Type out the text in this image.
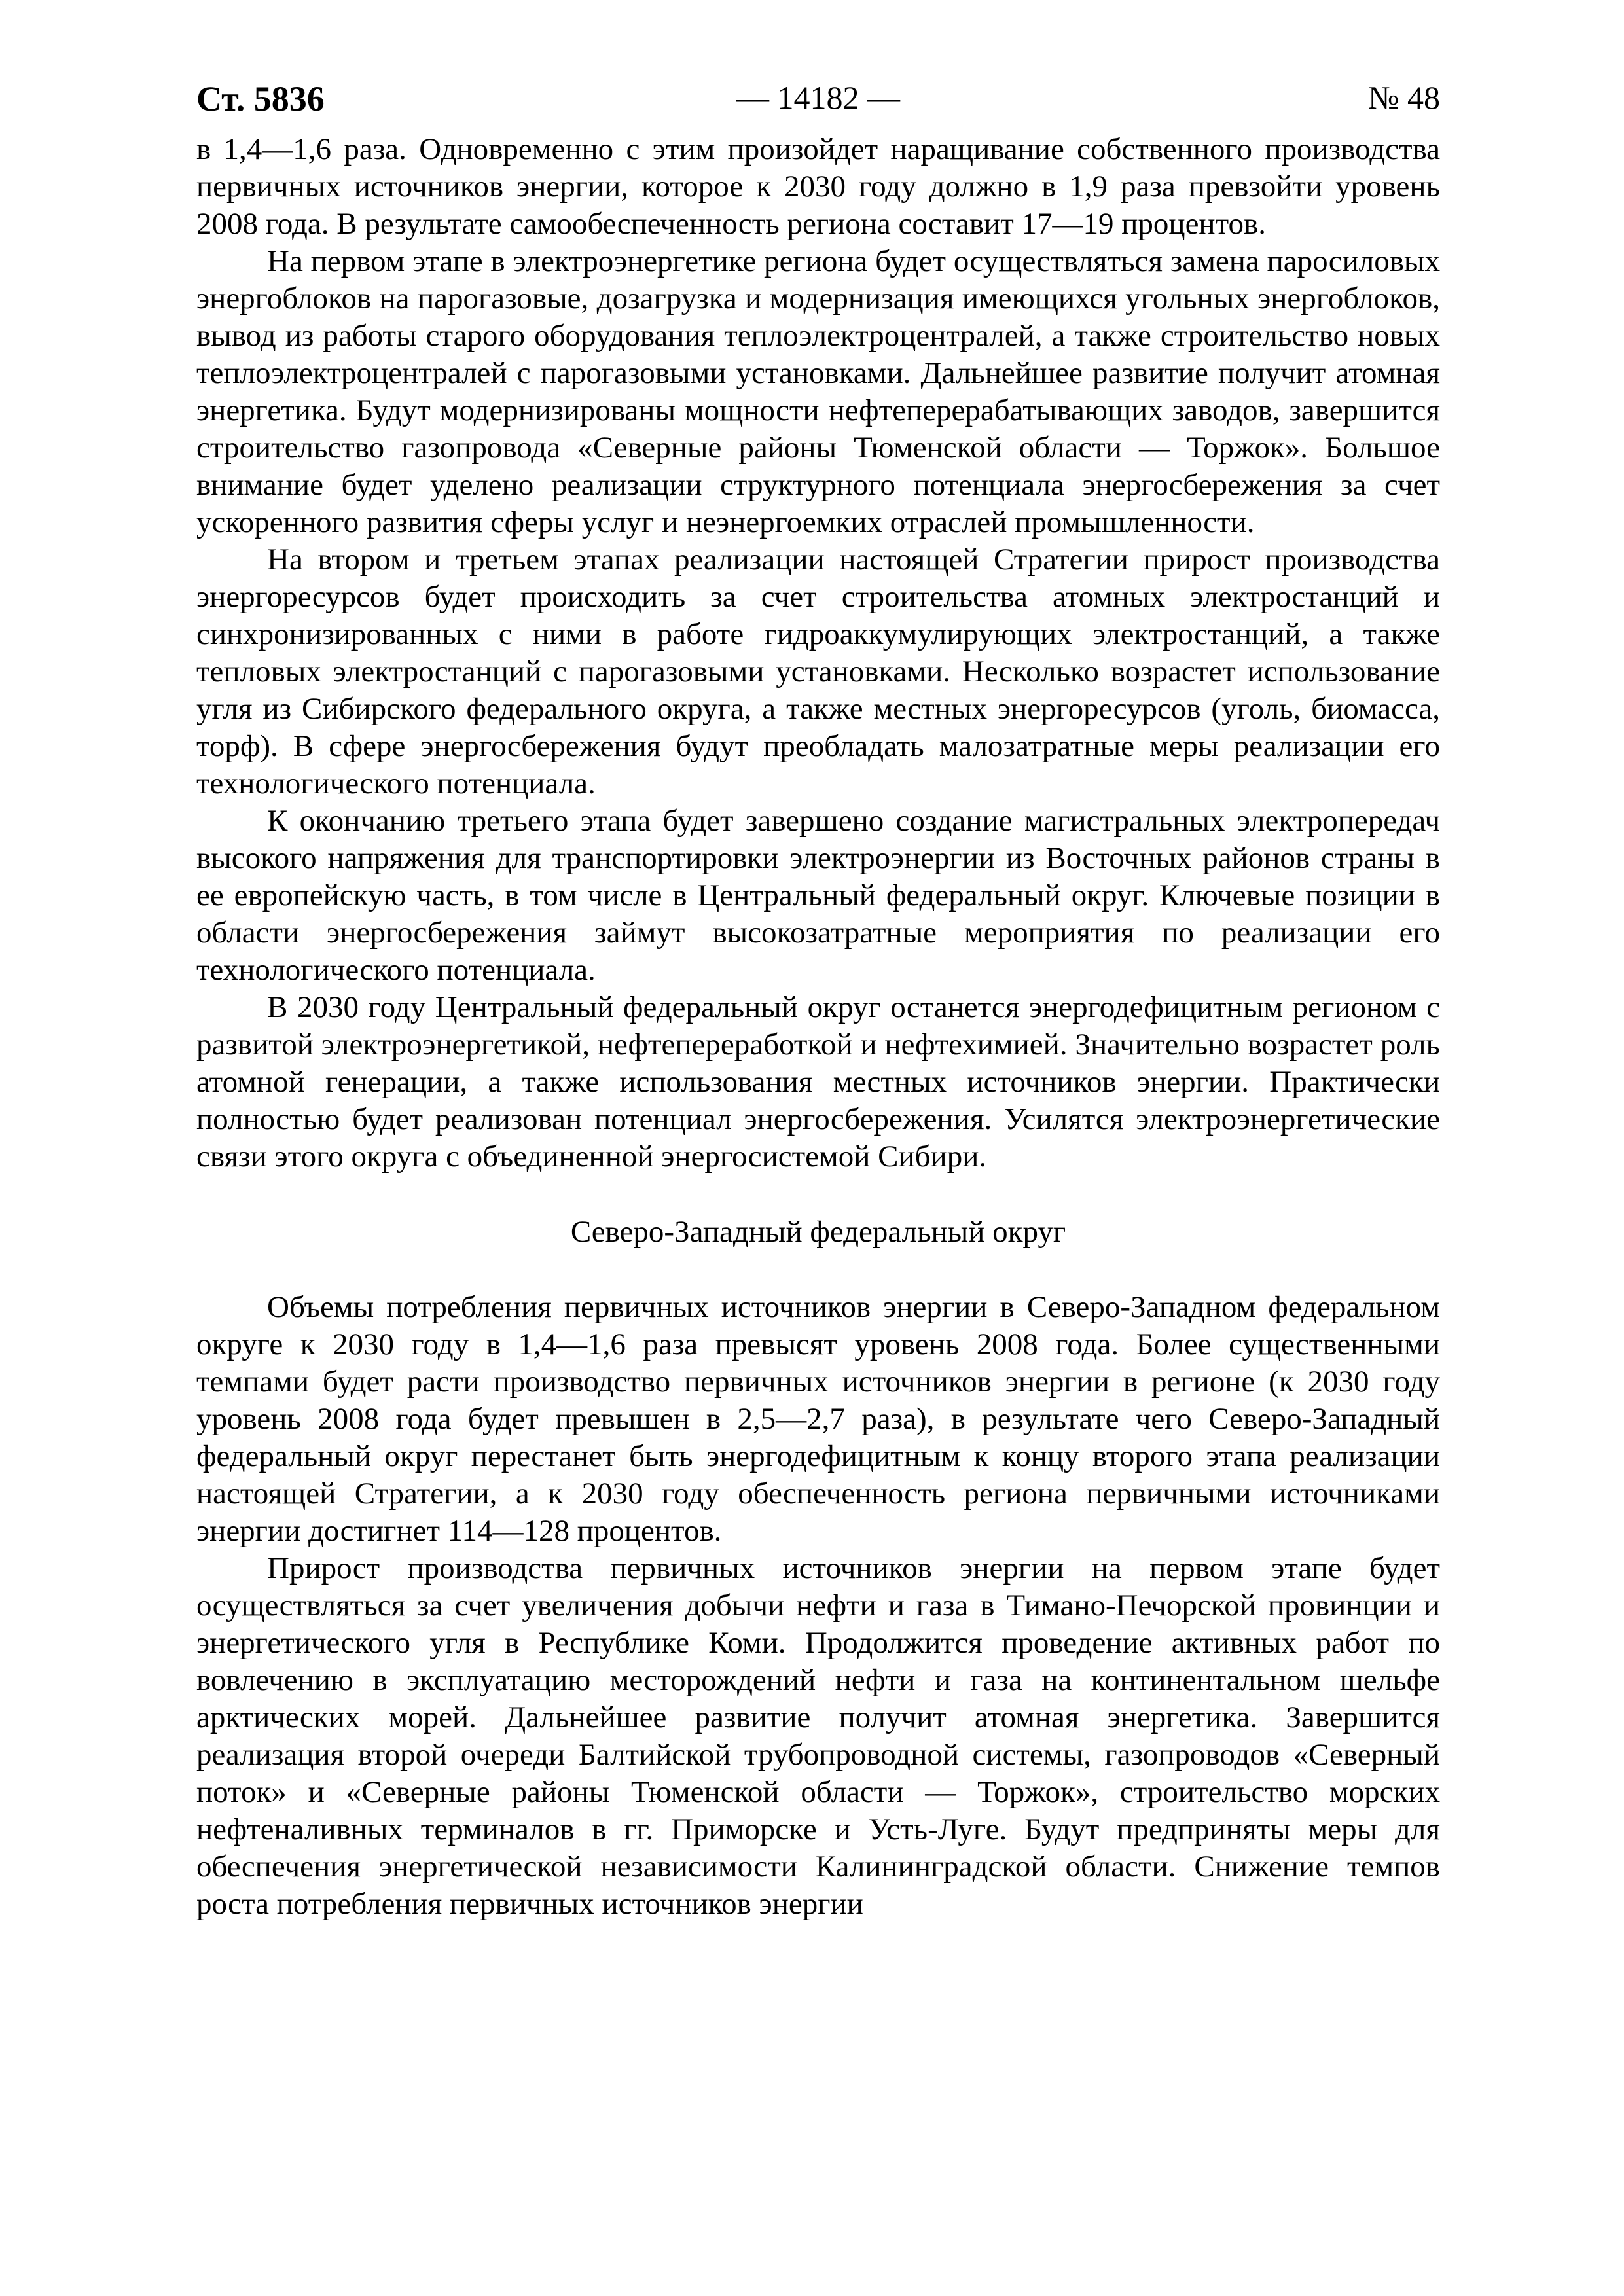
Ст. 5836	— 14182 —	№ 48

в 1,4—1,6 раза. Одновременно с этим произойдет наращивание собственного производства первичных источников энергии, которое к 2030 году должно в 1,9 раза превзойти уровень 2008 года. В результате самообеспеченность региона составит 17—19 процентов.

На первом этапе в электроэнергетике региона будет осуществляться замена паросиловых энергоблоков на парогазовые, дозагрузка и модернизация имеющихся угольных энергоблоков, вывод из работы старого оборудования теплоэлектроцентралей, а также строительство новых теплоэлектроцентралей с парогазовыми установками. Дальнейшее развитие получит атомная энергетика. Будут модернизированы мощности нефтеперерабатывающих заводов, завершится строительство газопровода «Северные районы Тюменской области — Торжок». Большое внимание будет уделено реализации структурного потенциала энергосбережения за счет ускоренного развития сферы услуг и неэнергоемких отраслей промышленности.

На втором и третьем этапах реализации настоящей Стратегии прирост производства энергоресурсов будет происходить за счет строительства атомных электростанций и синхронизированных с ними в работе гидроаккумулирующих электростанций, а также тепловых электростанций с парогазовыми установками. Несколько возрастет использование угля из Сибирского федерального округа, а также местных энергоресурсов (уголь, биомасса, торф). В сфере энергосбережения будут преобладать малозатратные меры реализации его технологического потенциала.

К окончанию третьего этапа будет завершено создание магистральных электропередач высокого напряжения для транспортировки электроэнергии из Восточных районов страны в ее европейскую часть, в том числе в Центральный федеральный округ. Ключевые позиции в области энергосбережения займут высокозатратные мероприятия по реализации его технологического потенциала.

В 2030 году Центральный федеральный округ останется энергодефицитным регионом с развитой электроэнергетикой, нефтепереработкой и нефтехимией. Значительно возрастет роль атомной генерации, а также использования местных источников энергии. Практически полностью будет реализован потенциал энергосбережения. Усилятся электроэнергетические связи этого округа с объединенной энергосистемой Сибири.

Северо-Западный федеральный округ

Объемы потребления первичных источников энергии в Северо-Западном федеральном округе к 2030 году в 1,4—1,6 раза превысят уровень 2008 года. Более существенными темпами будет расти производство первичных источников энергии в регионе (к 2030 году уровень 2008 года будет превышен в 2,5—2,7 раза), в результате чего Северо-Западный федеральный округ перестанет быть энергодефицитным к концу второго этапа реализации настоящей Стратегии, а к 2030 году обеспеченность региона первичными источниками энергии достигнет 114—128 процентов.

Прирост производства первичных источников энергии на первом этапе будет осуществляться за счет увеличения добычи нефти и газа в Тимано-Печорской провинции и энергетического угля в Республике Коми. Продолжится проведение активных работ по вовлечению в эксплуатацию месторождений нефти и газа на континентальном шельфе арктических морей. Дальнейшее развитие получит атомная энергетика. Завершится реализация второй очереди Балтийской трубопроводной системы, газопроводов «Северный поток» и «Северные районы Тюменской области — Торжок», строительство морских нефтеналивных терминалов в гг. Приморске и Усть-Луге. Будут предприняты меры для обеспечения энергетической независимости Калининградской области. Снижение темпов роста потребления первичных источников энергии
